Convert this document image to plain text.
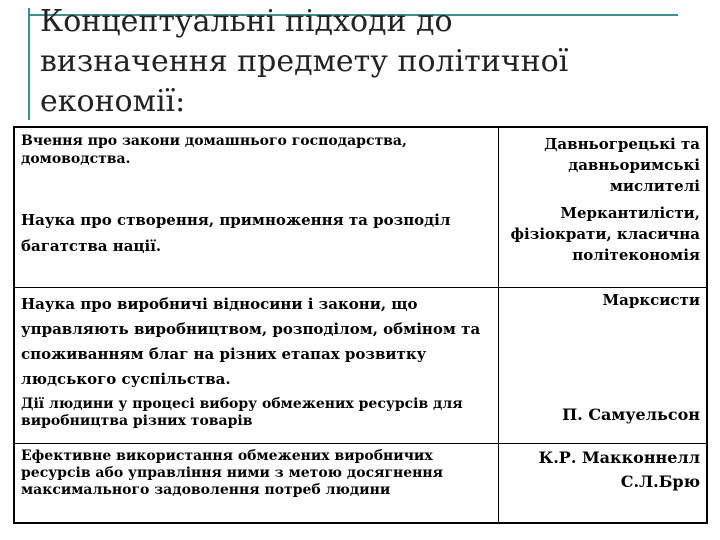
Концептуальні підходи до
визначення предмету політичної
економії:
Вчення про закони домашнього господарства, домоводства.	Давньогрецькі та
давньоримські
мислителі

Наука про створення, примноження та розподіл багатства нації.	Меркантилісти,
фізіократи, класична
політекономія

Наука про виробничі відносини і закони, що управляють виробництвом, розподілом, обміном та споживанням благ на різних етапах розвитку людського суспільства.	Марксисти

Дії людини у процесі вибору обмежених ресурсів для виробництва різних товарів	П. Самуельсон

Ефективне використання обмежених виробничих ресурсів або управління ними з метою досягнення максимального задоволення потреб людини	К.Р. Макконнелл
С.Л.Брю
